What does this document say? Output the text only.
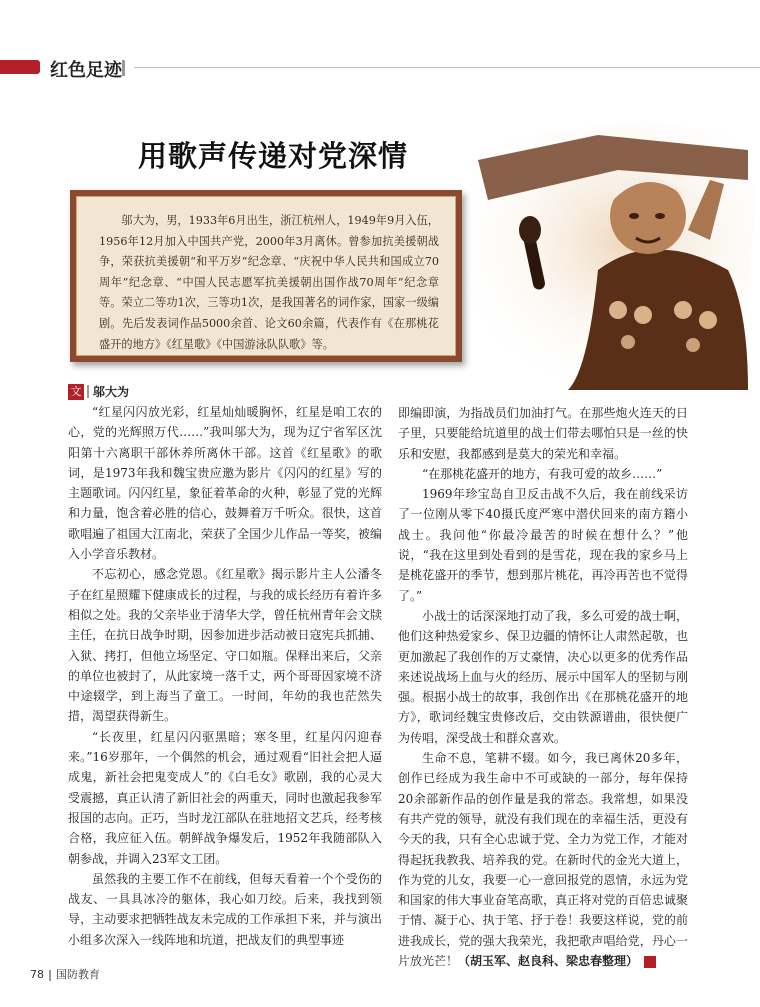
红色足迹
用歌声传递对党深情
邬大为，男，1933年6月出生，浙江杭州人，1949年9月入伍，1956年12月加入中国共产党，2000年3月离休。曾参加抗美援朝战争，荣获抗美援朝“和平万岁”纪念章、“庆祝中华人民共和国成立70周年”纪念章、“中国人民志愿军抗美援朝出国作战70周年”纪念章等。荣立二等功1次，三等功1次，是我国著名的词作家，国家一级编剧。先后发表词作品5000余首、论文60余篇，代表作有《在那桃花盛开的地方》《红星歌》《中国游泳队队歌》等。
文 邬大为

“红星闪闪放光彩，红星灿灿暖胸怀，红星是咱工农的心，党的光辉照万代……”我叫邬大为，现为辽宁省军区沈阳第十六离职干部休养所离休干部。这首《红星歌》的歌词，是1973年我和魏宝贵应邀为影片《闪闪的红星》写的主题歌词。闪闪红星，象征着革命的火种，彰显了党的光辉和力量，饱含着必胜的信心，鼓舞着万千听众。很快，这首歌唱遍了祖国大江南北，荣获了全国少儿作品一等奖，被编入小学音乐教材。

不忘初心，感念党恩。《红星歌》揭示影片主人公潘冬子在红星照耀下健康成长的过程，与我的成长经历有着许多相似之处。我的父亲毕业于清华大学，曾任杭州青年会文牍主任，在抗日战争时期，因参加进步活动被日寇宪兵抓捕、入狱、拷打，但他立场坚定、守口如瓶。保释出来后，父亲的单位也被封了，从此家境一落千丈，两个哥哥因家境不济中途辍学，到上海当了童工。一时间，年幼的我也茫然失措，渴望获得新生。

“长夜里，红星闪闪驱黑暗；寒冬里，红星闪闪迎春来。”16岁那年，一个偶然的机会，通过观看“旧社会把人逼成鬼，新社会把鬼变成人”的《白毛女》歌剧，我的心灵大受震撼，真正认清了新旧社会的两重天，同时也激起我参军报国的志向。正巧，当时龙江部队在驻地招文艺兵，经考核合格，我应征入伍。朝鲜战争爆发后，1952年我随部队入朝参战，并调入23军文工团。

虽然我的主要工作不在前线，但每天看着一个个受伤的战友、一具具冰冷的躯体，我心如刀绞。后来，我找到领导，主动要求把牺牲战友未完成的工作承担下来，并与演出小组多次深入一线阵地和坑道，把战友们的典型事迹

即编即演，为指战员们加油打气。在那些炮火连天的日子里，只要能给坑道里的战士们带去哪怕只是一丝的快乐和安慰，我都感到是莫大的荣光和幸福。

“在那桃花盛开的地方，有我可爱的故乡……”

1969年珍宝岛自卫反击战不久后，我在前线采访了一位刚从零下40摄氏度严寒中潜伏回来的南方籍小战士。我问他“你最冷最苦的时候在想什么？”他说，“我在这里到处看到的是雪花，现在我的家乡马上是桃花盛开的季节，想到那片桃花，再冷再苦也不觉得了。”

小战士的话深深地打动了我，多么可爱的战士啊，他们这种热爱家乡、保卫边疆的情怀让人肃然起敬，也更加激起了我创作的万丈豪情，决心以更多的优秀作品来述说战场上血与火的经历、展示中国军人的坚韧与刚强。根据小战士的故事，我创作出《在那桃花盛开的地方》，歌词经魏宝贵修改后，交由铁源谱曲，很快便广为传唱，深受战士和群众喜欢。

生命不息，笔耕不辍。如今，我已离休20多年，创作已经成为我生命中不可或缺的一部分，每年保持20余部新作品的创作量是我的常态。我常想，如果没有共产党的领导，就没有我们现在的幸福生活，更没有今天的我，只有全心忠诚于党、全力为党工作，才能对得起抚我教我、培养我的党。在新时代的金光大道上，作为党的儿女，我要一心一意回报党的恩情，永远为党和国家的伟大事业奋笔高歌，真正将对党的百倍忠诚聚于情、凝于心、执于笔、抒于卷！我要这样说，党的前进我成长，党的强大我荣光，我把歌声唱给党，丹心一片放光芒！（胡玉军、赵良科、梁忠春整理）	G

78 国防教育
